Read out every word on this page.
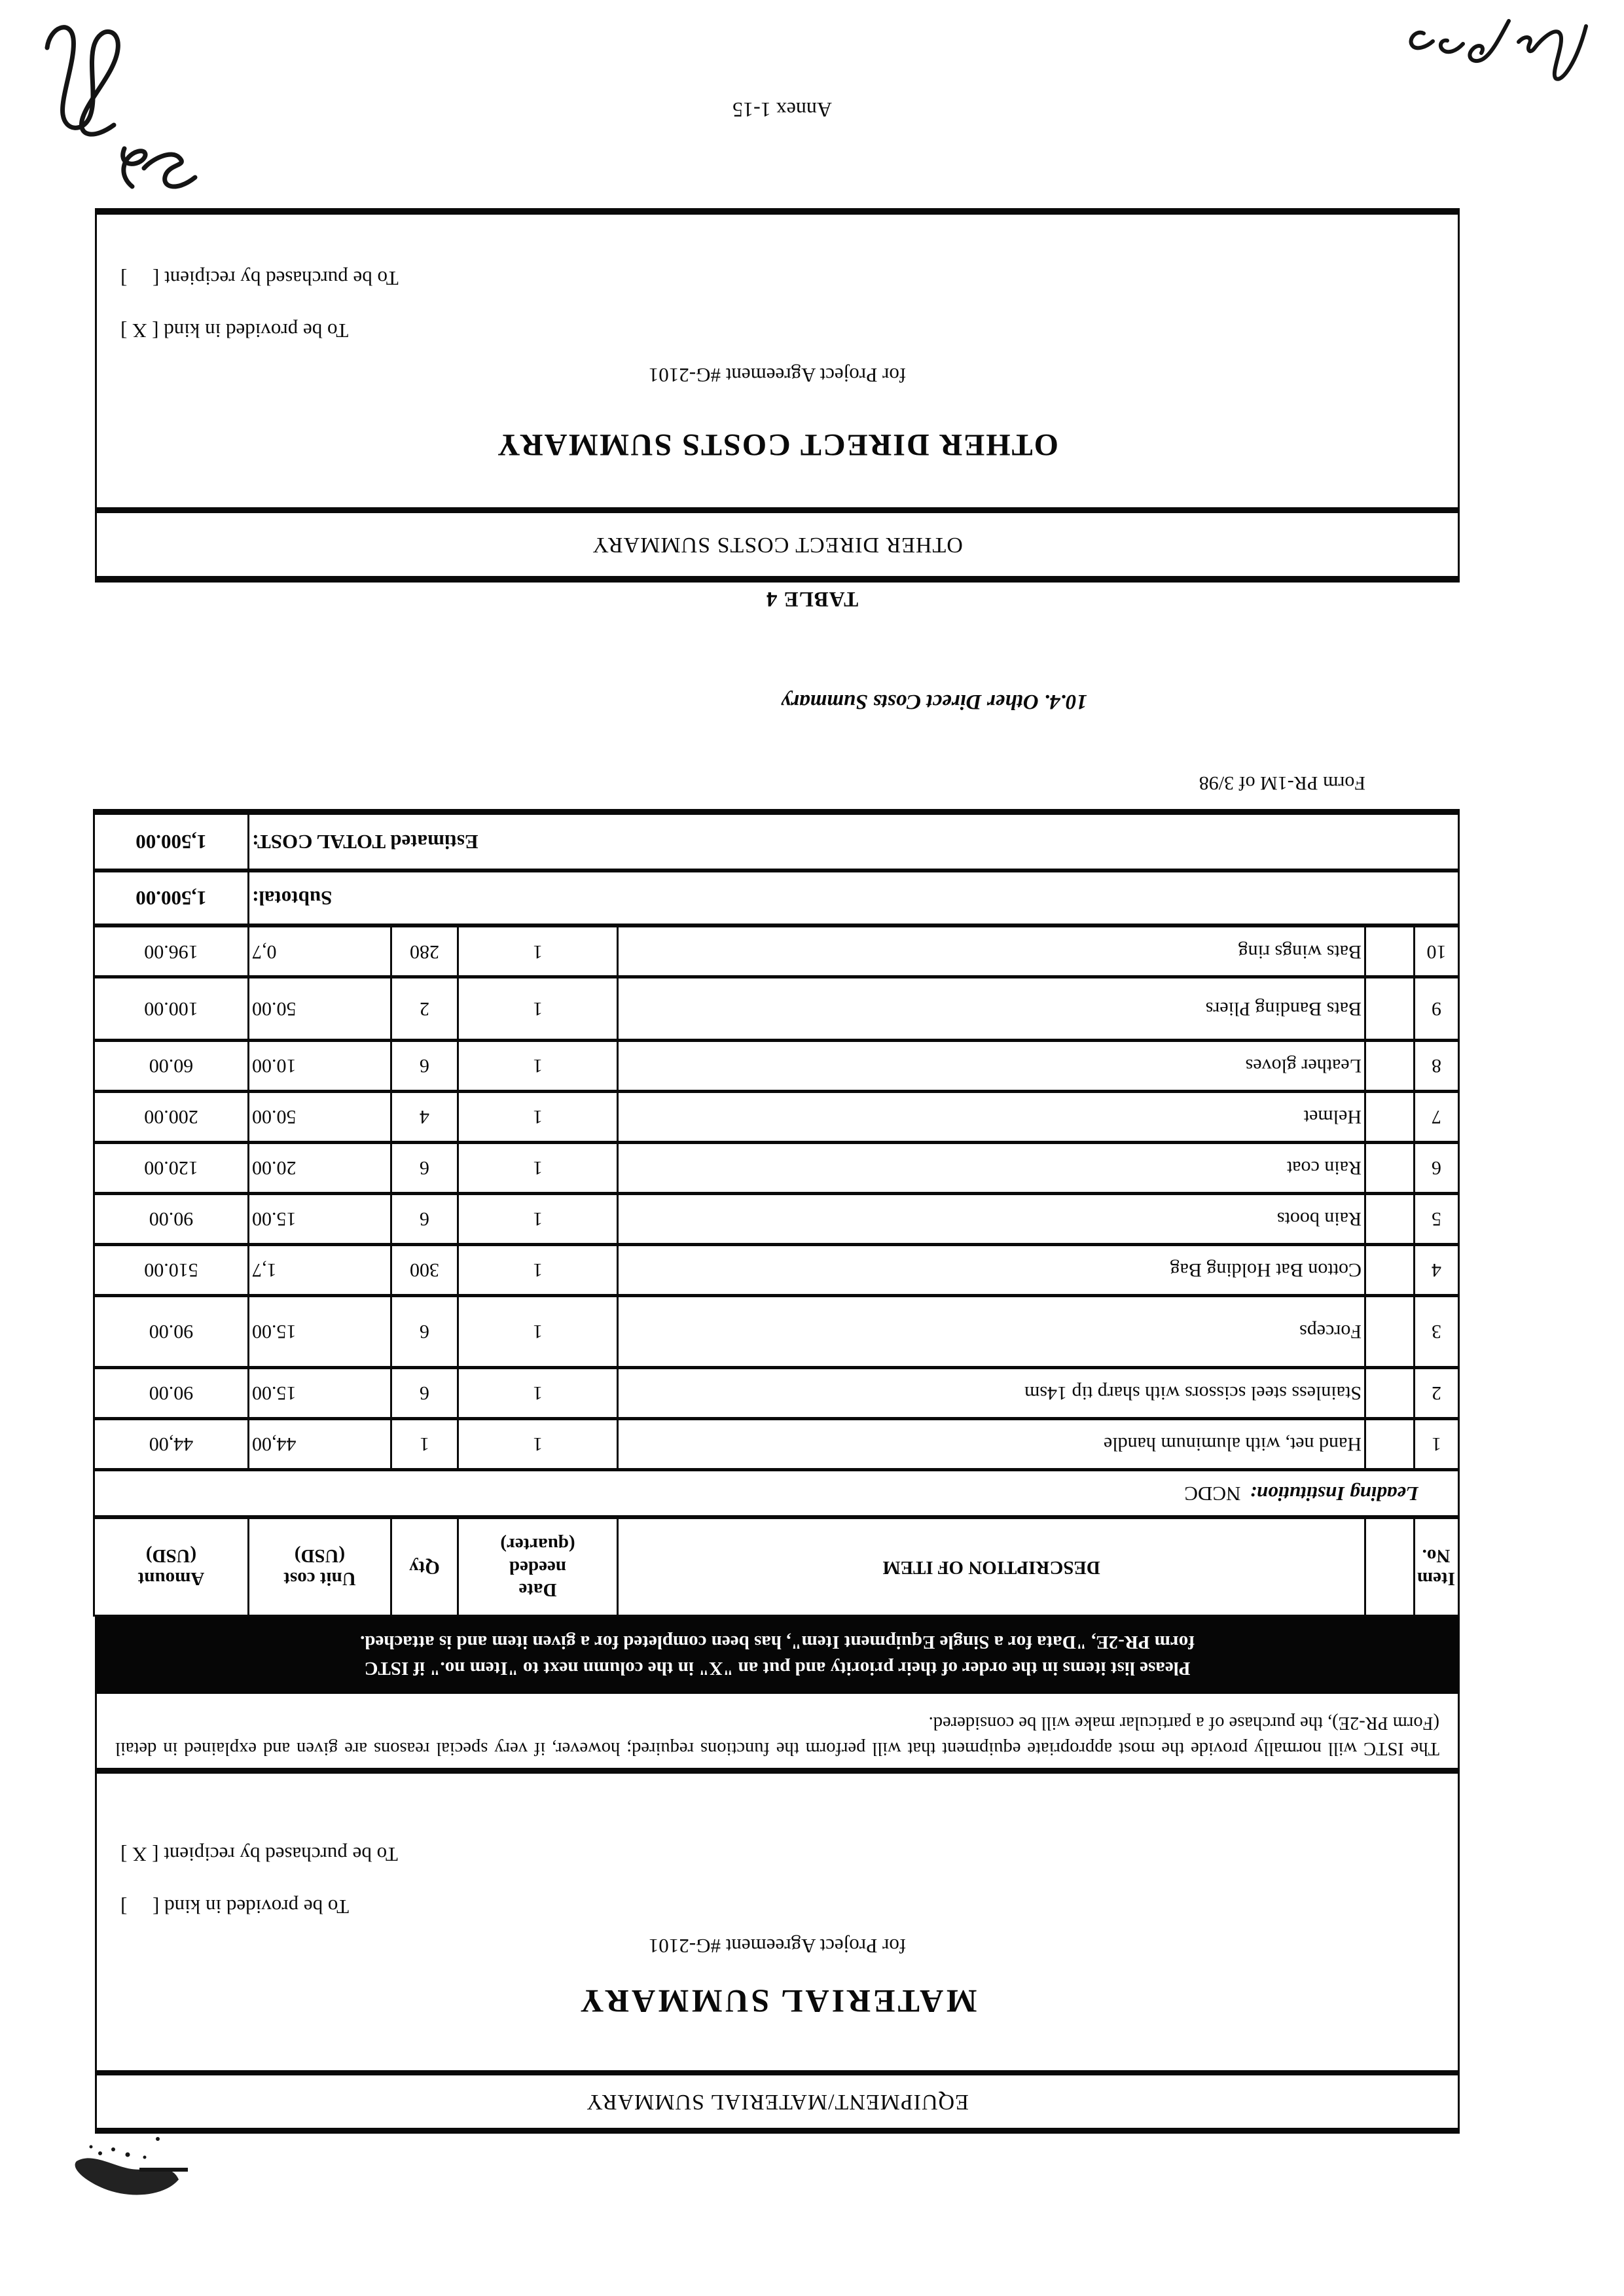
EQUIPMENT/MATERIAL SUMMARY
MATERIAL SUMMARY
for Project Agreement #G-2101
To be provided in kind [     ]
To be purchased by recipient [ X ]
The ISTC will normally provide the most appropriate equipment that will perform the functions required; however, if very special reasons are given and explained in detail (Form PR-2E), the purchase of a particular make will be considered.
Please list items in the order of their priority and put an "X" in the column next to "Item no." if ISTC
form PR-2E, "Data for a Single Equipment Item", has been completed for a given item and is attached.
Item No.		DESCRIPTION OF ITEM	Date needed (quarter)	Qty	Unit cost (USD)	Amount (USD)
Leading Institution:NCDC						
1		Hand net, with aluminum handle	1	1	44,00	44,00
2		Stainless steel scissors with sharp tip 14sm	1	6	15.00	90.00
3		Forceps	1	6	15.00	90.00
4		Cotton Bat Holding Bag	1	300	1,7	510.00
5		Rain boots	1	6	15.00	90.00
6		Rain coat	1	6	20.00	120.00
7		Helmet	1	4	50.00	200.00
8		Leather gloves	1	6	10.00	60.00
9		Bats Banding Pliers	1	2	50.00	100.00
10		Bats wings ring	1	280	0,7	196.00
Subtotal:						1,500.00
Estimated TOTAL COST:						1,500.00
Form PR-1M of 3/98
10.4. Other Direct Costs Summary
TABLE 4
OTHER DIRECT COSTS SUMMARY
OTHER DIRECT COSTS SUMMARY
for Project Agreement #G-2101
To be provided in kind [ X ]
To be purchased by recipient [     ]
Annex 1-15
